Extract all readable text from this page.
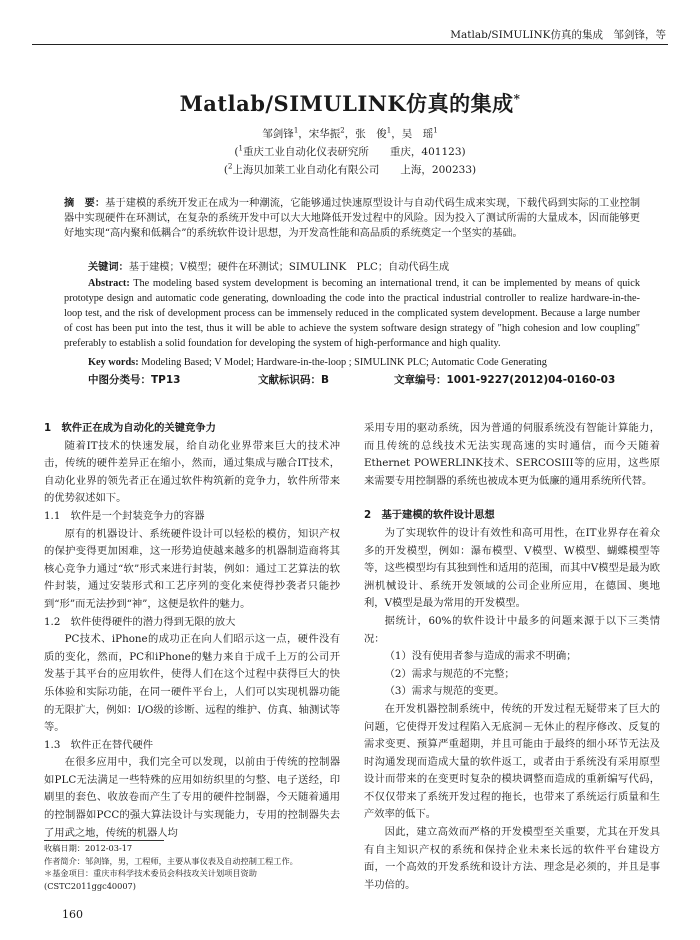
Matlab/SIMULINK仿真的集成　邹剑锋，等
Matlab/SIMULINK仿真的集成*
邹剑锋$^1$，宋华振$^2$，张　俊$^1$，吴　瑶$^1$
($^1$重庆工业自动化仪表研究所　　重庆，401123)
($^2$上海贝加莱工业自动化有限公司　　上海，200233)
摘　要：基于建模的系统开发正在成为一种潮流，它能够通过快速原型设计与自动代码生成来实现，下载代码到实际的工业控制器中实现硬件在环测试，在复杂的系统开发中可以大大地降低开发过程中的风险。因为投入了测试所需的大量成本，因而能够更好地实现“高内聚和低耦合”的系统软件设计思想，为开发高性能和高品质的系统奠定一个坚实的基础。
关键词：基于建模；V模型；硬件在环测试；SIMULINK　PLC；自动代码生成
Abstract: The modeling based system development is becoming an international trend, it can be implemented by means of quick prototype design and automatic code generating, downloading the code into the practical industrial controller to realize hardware-in-the-loop test, and the risk of development process can be immensely reduced in the complicated system development. Because a large number of cost has been put into the test, thus it will be able to achieve the system software design strategy of "high cohesion and low coupling" preferably to establish a solid foundation for developing the system of high-performance and high quality.
Key words: Modeling Based; V Model; Hardware-in-the-loop ; SIMULINK PLC; Automatic Code Generating
中图分类号：TP13	文献标识码：B	文章编号：1001-9227(2012)04-0160-03

1　软件正在成为自动化的关键竞争力

随着IT技术的快速发展，给自动化业界带来巨大的技术冲击，传统的硬件差异正在缩小，然而，通过集成与融合IT技术，自动化业界的领先者正在通过软件构筑新的竞争力，软件所带来的优势叙述如下。

1.1　软件是一个封装竞争力的容器

原有的机器设计、系统硬件设计可以轻松的模仿，知识产权的保护变得更加困难，这一形势迫使越来越多的机器制造商将其核心竞争力通过“软”形式来进行封装，例如：通过工艺算法的软件封装，通过安装形式和工艺序列的变化来使得抄袭者只能抄到“形”而无法抄到“神”，这便是软件的魅力。

1.2　软件使得硬件的潜力得到无限的放大

PC技术、iPhone的成功正在向人们昭示这一点，硬件没有质的变化，然而，PC和iPhone的魅力来自于成千上万的公司开发基于其平台的应用软件，使得人们在这个过程中获得巨大的快乐体验和实际功能，在同一硬件平台上，人们可以实现机器功能的无限扩大，例如：I/O级的诊断、远程的维护、仿真、轴测试等等。

1.3　软件正在替代硬件

在很多应用中，我们完全可以发现，以前由于传统的控制器如PLC无法满足一些特殊的应用如纺织里的匀整、电子送经，印刷里的套色、收放卷而产生了专用的硬件控制器，今天随着通用的控制器如PCC的强大算法设计与实现能力，专用的控制器失去了用武之地，传统的机器人均

采用专用的驱动系统，因为普通的伺服系统没有智能计算能力，而且传统的总线技术无法实现高速的实时通信，而今天随着Ethernet POWERLINK技术、SERCOSIII等的应用，这些原来需要专用控制器的系统也被成本更为低廉的通用系统所代替。

2　基于建模的软件设计思想

为了实现软件的设计有效性和高可用性，在IT业界存在着众多的开发模型，例如：瀑布模型、V模型、W模型、蝴蝶模型等等，这些模型均有其独到性和适用的范围，而其中V模型是最为欧洲机械设计、系统开发领域的公司企业所应用，在德国、奥地利，V模型是最为常用的开发模型。

据统计，60%的软件设计中最多的问题来源于以下三类情况：

（1）没有使用者参与造成的需求不明确；

（2）需求与规范的不完整；

（3）需求与规范的变更。

在开发机器控制系统中，传统的开发过程无疑带来了巨大的问题，它使得开发过程陷入无底洞－无休止的程序修改、反复的需求变更、预算严重超期，并且可能由于最终的细小环节无法及时沟通发现而造成大量的软件返工，或者由于系统没有采用原型设计而带来的在变更时复杂的模块调整而造成的重新编写代码，不仅仅带来了系统开发过程的拖长，也带来了系统运行质量和生产效率的低下。

因此，建立高效而严格的开发模型至关重要，尤其在开发具有自主知识产权的系统和保持企业未来长远的软件平台建设方面，一个高效的开发系统和设计方法、理念是必须的，并且是事半功倍的。

收稿日期：2012-03-17

作者简介：邹剑锋，男，工程师，主要从事仪表及自动控制工程工作。

＊基金项目：重庆市科学技术委员会科技攻关计划项目资助(CSTC2011ggc40007)

160
